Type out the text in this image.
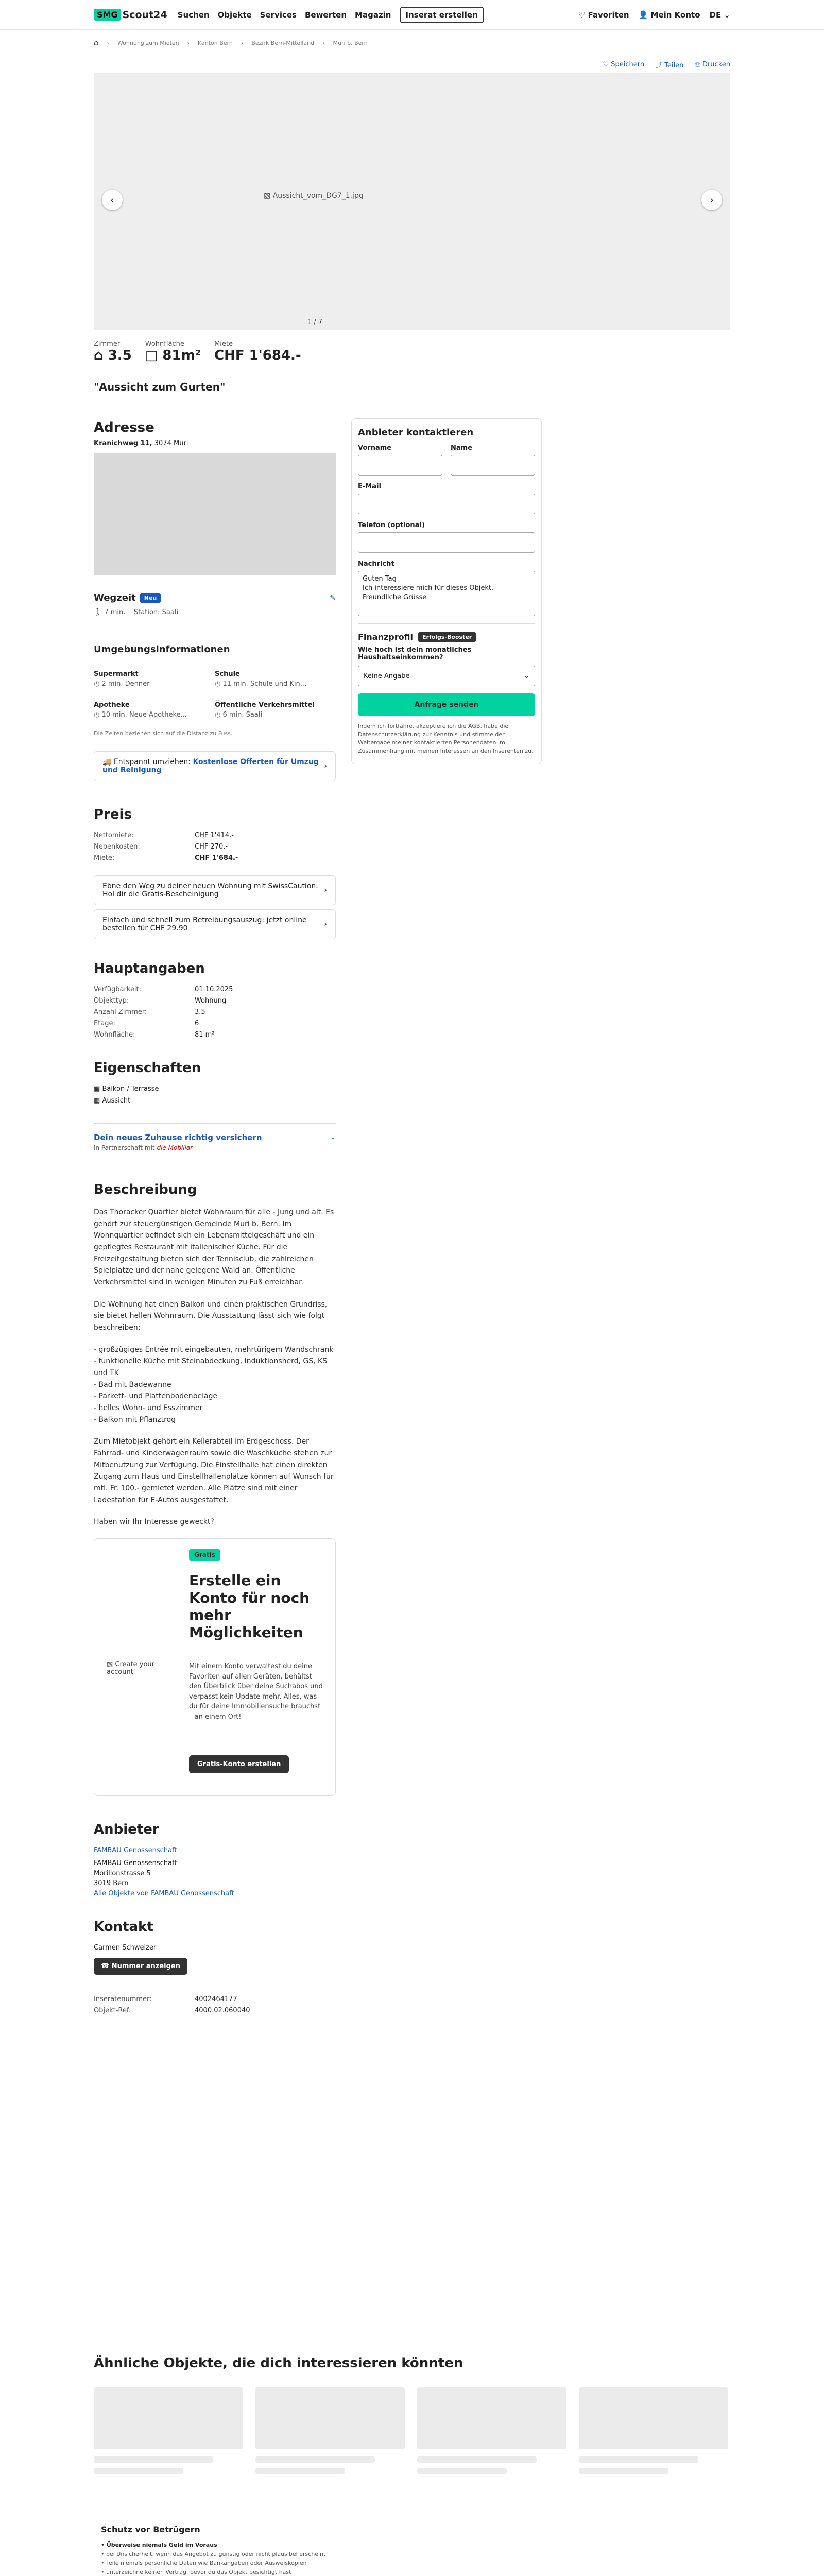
SMG Scout24 Suchen Objekte Services Bewerten Magazin	Inserat erstellen	♡ Favoriten 👤 Mein Konto DE ⌄
⌂ › Wohnung zum Mieten › Kanton Bern › Bezirk Bern-Mittelland › Muri b. Bern
♡ Speichern ⤴ Teilen ⎙ Drucken
▧ Aussicht_vom_DG7_1.jpg
‹	›
1 / 7
Zimmer
⌂ 3.5
Wohnfläche
□ 81m²
Miete
CHF 1'684.-
"Aussicht zum Gurten"
Adresse
Kranichweg 11, 3074 Muri
Wegzeit	Neu	✎
🚶 7 min. Station: Saali
Umgebungsinformationen
Supermarkt
◷ 2 min. Denner
Schule
◷ 11 min. Schule und Kin...
Apotheke
◷ 10 min. Neue Apotheke...
Öffentliche Verkehrsmittel
◷ 6 min. Saali
Die Zeiten beziehen sich auf die Distanz zu Fuss.
🚚 Entspannt umziehen: Kostenlose Offerten für Umzug und Reinigung	›
Preis
Nettomiete:	CHF 1'414.-
Nebenkosten:	CHF 270.-
Miete:	CHF 1'684.-
Ebne den Weg zu deiner neuen Wohnung mit SwissCaution. Hol dir die Gratis-Bescheinigung	›
Einfach und schnell zum Betreibungsauszug: jetzt online bestellen für CHF 29.90	›
Hauptangaben
Verfügbarkeit:	01.10.2025
Objekttyp:	Wohnung
Anzahl Zimmer:	3.5
Etage:	6
Wohnfläche:	81 m²
Eigenschaften
▦ Balkon / Terrasse
▦ Aussicht
Dein neues Zuhause richtig versichern
In Partnerschaft mit die Mobiliar
⌄
Beschreibung

Das Thoracker Quartier bietet Wohnraum für alle - Jung und alt. Es gehört zur steuergünstigen Gemeinde Muri b. Bern. Im Wohnquartier befindet sich ein Lebensmittelgeschäft und ein gepflegtes Restaurant mit italienischer Küche. Für die Freizeitgestaltung bieten sich der Tennisclub, die zahlreichen Spielplätze und der nahe gelegene Wald an. Öffentliche Verkehrsmittel sind in wenigen Minuten zu Fuß erreichbar.

Die Wohnung hat einen Balkon und einen praktischen Grundriss, sie bietet hellen Wohnraum. Die Ausstattung lässt sich wie folgt beschreiben:

- großzügiges Entrée mit eingebauten, mehrtürigem Wandschrank
- funktionelle Küche mit Steinabdeckung, Induktionsherd, GS, KS und TK
- Bad mit Badewanne
- Parkett- und Plattenbodenbeläge
- helles Wohn- und Esszimmer
- Balkon mit Pflanztrog

Zum Mietobjekt gehört ein Kellerabteil im Erdgeschoss. Der Fahrrad- und Kinderwagenraum sowie die Waschküche stehen zur Mitbenutzung zur Verfügung. Die Einstellhalle hat einen direkten Zugang zum Haus und Einstellhallenplätze können auf Wunsch für mtl. Fr. 100.- gemietet werden. Alle Plätze sind mit einer Ladestation für E-Autos ausgestattet.

Haben wir Ihr Interesse geweckt?

Gratis
Erstelle ein Konto für noch mehr Möglichkeiten
▧ Create your account
Mit einem Konto verwaltest du deine Favoriten auf allen Geräten, behältst den Überblick über deine Suchabos und verpasst kein Update mehr. Alles, was du für deine Immobiliensuche brauchst – an einem Ort!
Gratis-Konto erstellen
Anbieter
FAMBAU Genossenschaft
FAMBAU Genossenschaft
Morillonstrasse 5
3019 Bern
Alle Objekte von FAMBAU Genossenschaft
Kontakt
Carmen Schweizer
☎ Nummer anzeigen
Inseratenummer:	4002464177
Objekt-Ref:	4000.02.060040
Anbieter kontaktieren
Vorname	Name
E-Mail
Telefon (optional)
Nachricht
Guten Tag
Ich interessiere mich für dieses Objekt.
Freundliche Grüsse
Finanzprofil	Erfolgs-Booster
Wie hoch ist dein monatliches Haushaltseinkommen?
Keine Angabe	⌄
Anfrage senden
Indem ich fortfahre, akzeptiere ich die AGB, habe die Datenschutzerklärung zur Kenntnis und stimme der Weitergabe meiner kontaktierten Personendaten im Zusammenhang mit meinen Interessen an den Inserenten zu.
Ähnliche Objekte, die dich interessieren könnten
Schutz vor Betrügern
• Überweise niemals Geld im Voraus
• bei Unsicherheit, wenn das Angebot zu günstig oder nicht plausibel erscheint
• Teile niemals persönliche Daten wie Bankangaben oder Ausweiskopien
• unterzeichne keinen Vertrag, bevor du das Objekt besichtigt hast
